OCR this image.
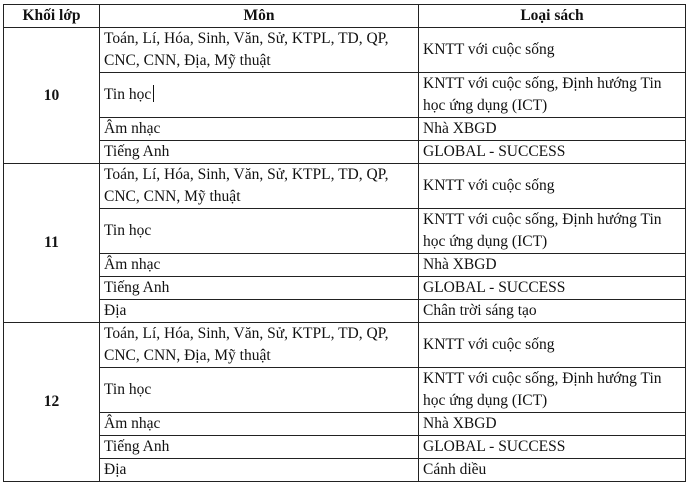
Khối lớp	Môn	Loại sách
10	Toán, Lí, Hóa, Sinh, Văn, Sử, KTPL, TD, QP, CNC, CNN, Địa, Mỹ thuật	KNTT với cuộc sống
	Tin học	KNTT với cuộc sống, Định hướng Tin học ứng dụng (ICT)
	Âm nhạc	Nhà XBGD
	Tiếng Anh	GLOBAL - SUCCESS
11	Toán, Lí, Hóa, Sinh, Văn, Sử, KTPL, TD, QP, CNC, CNN, Mỹ thuật	KNTT với cuộc sống
	Tin học	KNTT với cuộc sống, Định hướng Tin học ứng dụng (ICT)
	Âm nhạc	Nhà XBGD
	Tiếng Anh	GLOBAL - SUCCESS
	Địa	Chân trời sáng tạo
12	Toán, Lí, Hóa, Sinh, Văn, Sử, KTPL, TD, QP, CNC, CNN, Địa, Mỹ thuật	KNTT với cuộc sống
	Tin học	KNTT với cuộc sống, Định hướng Tin học ứng dụng (ICT)
	Âm nhạc	Nhà XBGD
	Tiếng Anh	GLOBAL - SUCCESS
	Địa	Cánh diều
